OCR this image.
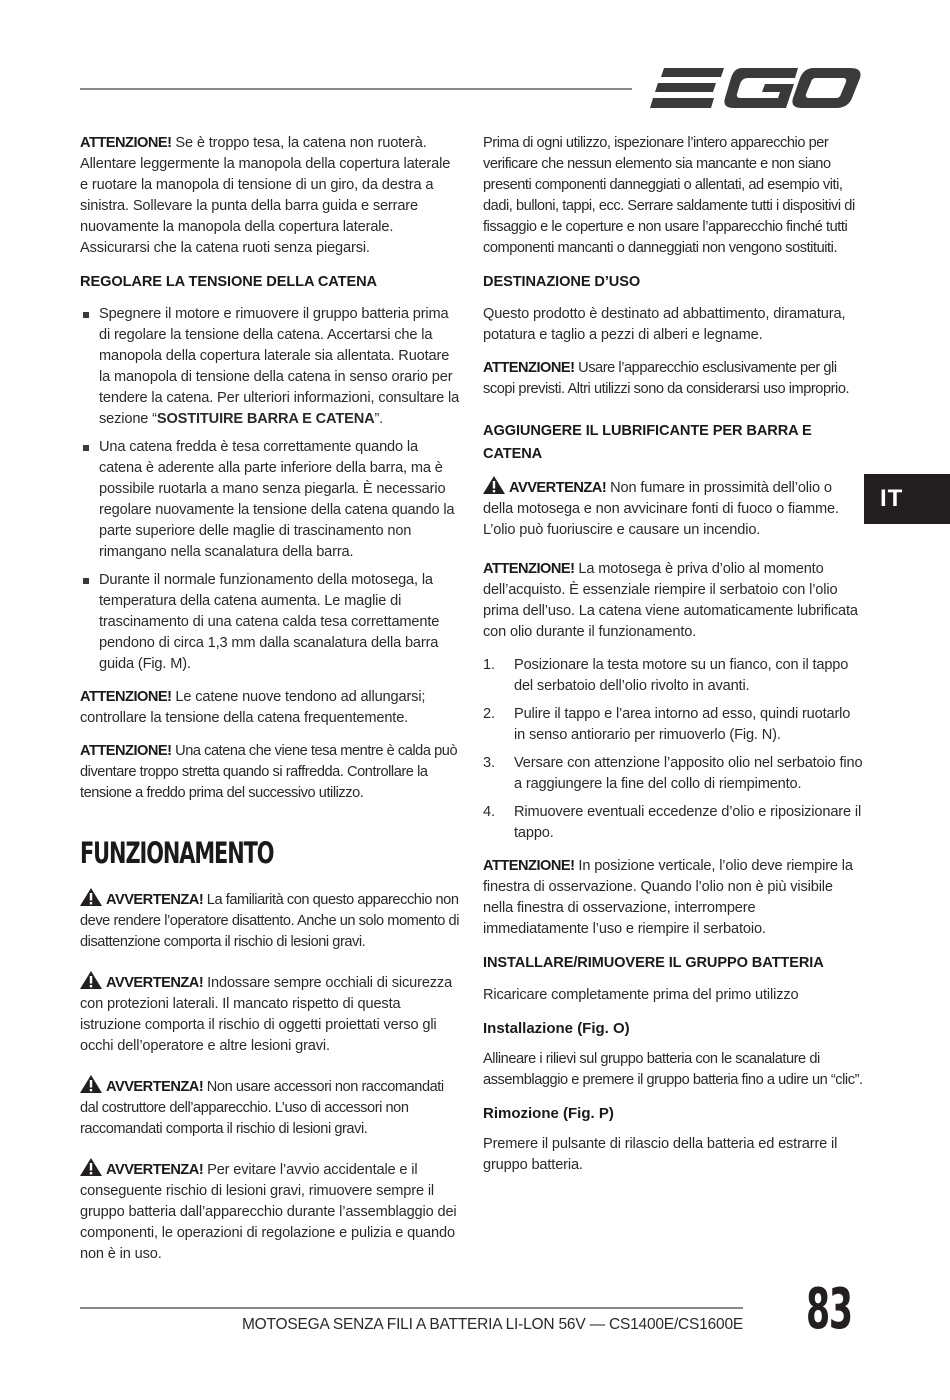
IT

ATTENZIONE! Se è troppo tesa, la catena non ruoterà. Allentare leggermente la manopola della copertura laterale e ruotare la manopola di tensione di un giro, da destra a sinistra. Sollevare la punta della barra guida e serrare nuovamente la manopola della copertura laterale. Assicurarsi che la catena ruoti senza piegarsi.

REGOLARE LA TENSIONE DELLA CATENA
Spegnere il motore e rimuovere il gruppo batteria prima di regolare la tensione della catena. Accertarsi che la manopola della copertura laterale sia allentata. Ruotare la manopola di tensione della catena in senso orario per tendere la catena. Per ulteriori informazioni, consultare la sezione “SOSTITUIRE BARRA E CATENA”.
Una catena fredda è tesa correttamente quando la catena è aderente alla parte inferiore della barra, ma è possibile ruotarla a mano senza piegarla. È necessario regolare nuovamente la tensione della catena quando la parte superiore delle maglie di trascinamento non rimangano nella scanalatura della barra.
Durante il normale funzionamento della motosega, la temperatura della catena aumenta. Le maglie di trascinamento di una catena calda tesa correttamente pendono di circa 1,3 mm dalla scanalatura della barra guida (Fig. M).

ATTENZIONE! Le catene nuove tendono ad allungarsi; controllare la tensione della catena frequentemente.

ATTENZIONE! Una catena che viene tesa mentre è calda può diventare troppo stretta quando si raffredda. Controllare la tensione a freddo prima del successivo utilizzo.

FUNZIONAMENTO

AVVERTENZA! La familiarità con questo apparecchio non deve rendere l’operatore disattento. Anche un solo momento di disattenzione comporta il rischio di lesioni gravi.

AVVERTENZA! Indossare sempre occhiali di sicurezza con protezioni laterali. Il mancato rispetto di questa istruzione comporta il rischio di oggetti proiettati verso gli occhi dell’operatore e altre lesioni gravi.

AVVERTENZA! Non usare accessori non raccomandati dal costruttore dell’apparecchio. L’uso di accessori non raccomandati comporta il rischio di lesioni gravi.

AVVERTENZA! Per evitare l’avvio accidentale e il conseguente rischio di lesioni gravi, rimuovere sempre il gruppo batteria dall’apparecchio durante l’assemblaggio dei componenti, le operazioni di regolazione e pulizia e quando non è in uso.

Prima di ogni utilizzo, ispezionare l’intero apparecchio per verificare che nessun elemento sia mancante e non siano presenti componenti danneggiati o allentati, ad esempio viti, dadi, bulloni, tappi, ecc. Serrare saldamente tutti i dispositivi di fissaggio e le coperture e non usare l’apparecchio finché tutti componenti mancanti o danneggiati non vengono sostituiti.

DESTINAZIONE D’USO

Questo prodotto è destinato ad abbattimento, diramatura, potatura e taglio a pezzi di alberi e legname.

ATTENZIONE! Usare l’apparecchio esclusivamente per gli scopi previsti. Altri utilizzi sono da considerarsi uso improprio.

AGGIUNGERE IL LUBRIFICANTE PER BARRA E CATENA

AVVERTENZA! Non fumare in prossimità dell’olio o della motosega e non avvicinare fonti di fuoco o fiamme. L’olio può fuoriuscire e causare un incendio.

ATTENZIONE! La motosega è priva d’olio al momento dell’acquisto. È essenziale riempire il serbatoio con l’olio prima dell’uso. La catena viene automaticamente lubrificata con olio durante il funzionamento.

1. Posizionare la testa motore su un fianco, con il tappo del serbatoio dell’olio rivolto in avanti.
2. Pulire il tappo e l’area intorno ad esso, quindi ruotarlo in senso antiorario per rimuoverlo (Fig. N).
3. Versare con attenzione l’apposito olio nel serbatoio fino a raggiungere la fine del collo di riempimento.
4. Rimuovere eventuali eccedenze d’olio e riposizionare il tappo.

ATTENZIONE! In posizione verticale, l’olio deve riempire la finestra di osservazione. Quando l’olio non è più visibile nella finestra di osservazione, interrompere immediatamente l’uso e riempire il serbatoio.

INSTALLARE/RIMUOVERE IL GRUPPO BATTERIA

Ricaricare completamente prima del primo utilizzo

Installazione (Fig. O)

Allineare i rilievi sul gruppo batteria con le scanalature di assemblaggio e premere il gruppo batteria fino a udire un “clic”.

Rimozione (Fig. P)

Premere il pulsante di rilascio della batteria ed estrarre il gruppo batteria.

MOTOSEGA SENZA FILI A BATTERIA LI-LON 56V — CS1400E/CS1600E 83
